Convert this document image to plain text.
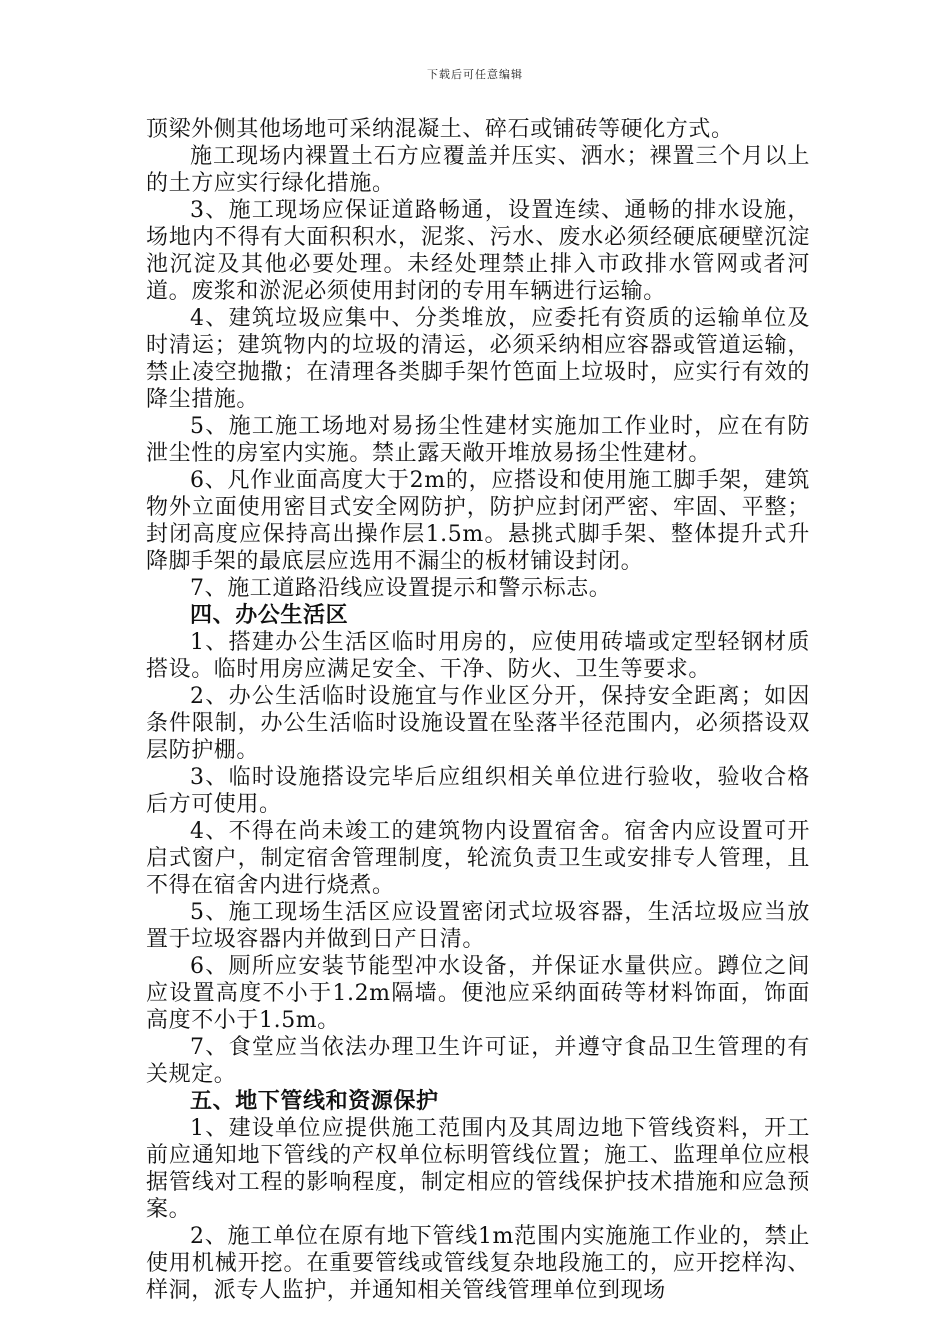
下载后可任意编辑

顶梁外侧其他场地可采纳混凝土、碎石或铺砖等硬化方式。

施工现场内裸置土石方应覆盖并压实、洒水；裸置三个月以上的土方应实行绿化措施。

3、施工现场应保证道路畅通，设置连续、通畅的排水设施，场地内不得有大面积积水，泥浆、污水、废水必须经硬底硬壁沉淀池沉淀及其他必要处理。未经处理禁止排入市政排水管网或者河道。废浆和淤泥必须使用封闭的专用车辆进行运输。

4、建筑垃圾应集中、分类堆放，应委托有资质的运输单位及时清运；建筑物内的垃圾的清运，必须采纳相应容器或管道运输，禁止凌空抛撒；在清理各类脚手架竹笆面上垃圾时，应实行有效的降尘措施。

5、施工施工场地对易扬尘性建材实施加工作业时，应在有防泄尘性的房室内实施。禁止露天敞开堆放易扬尘性建材。

6、凡作业面高度大于2m的，应搭设和使用施工脚手架，建筑物外立面使用密目式安全网防护，防护应封闭严密、牢固、平整；封闭高度应保持高出操作层1.5m。悬挑式脚手架、整体提升式升降脚手架的最底层应选用不漏尘的板材铺设封闭。

7、施工道路沿线应设置提示和警示标志。

四、办公生活区

1、搭建办公生活区临时用房的，应使用砖墙或定型轻钢材质搭设。临时用房应满足安全、干净、防火、卫生等要求。

2、办公生活临时设施宜与作业区分开，保持安全距离；如因条件限制，办公生活临时设施设置在坠落半径范围内，必须搭设双层防护棚。

3、临时设施搭设完毕后应组织相关单位进行验收，验收合格后方可使用。

4、不得在尚未竣工的建筑物内设置宿舍。宿舍内应设置可开启式窗户，制定宿舍管理制度，轮流负责卫生或安排专人管理，且不得在宿舍内进行烧煮。

5、施工现场生活区应设置密闭式垃圾容器，生活垃圾应当放置于垃圾容器内并做到日产日清。

6、厕所应安装节能型冲水设备，并保证水量供应。蹲位之间应设置高度不小于1.2m隔墙。便池应采纳面砖等材料饰面，饰面高度不小于1.5m。

7、食堂应当依法办理卫生许可证，并遵守食品卫生管理的有关规定。

五、地下管线和资源保护

1、建设单位应提供施工范围内及其周边地下管线资料，开工前应通知地下管线的产权单位标明管线位置；施工、监理单位应根据管线对工程的影响程度，制定相应的管线保护技术措施和应急预案。

2、施工单位在原有地下管线1m范围内实施施工作业的，禁止使用机械开挖。在重要管线或管线复杂地段施工的，应开挖样沟、样洞，派专人监护，并通知相关管线管理单位到现场
